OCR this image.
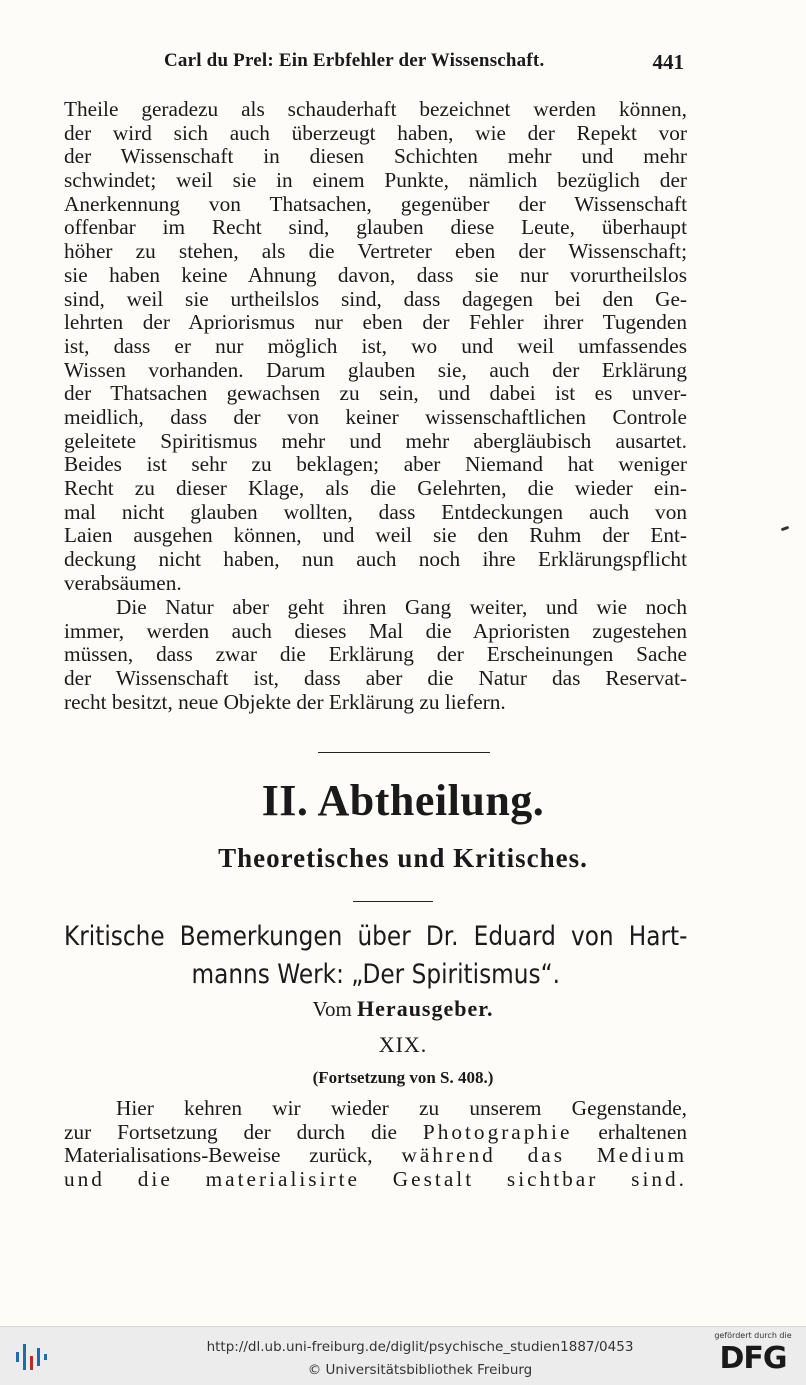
Carl du Prel: Ein Erbfehler der Wissenschaft.	441
Theile geradezu als schauderhaft bezeichnet werden können,
der wird sich auch überzeugt haben, wie der Repekt vor
der Wissenschaft in diesen Schichten mehr und mehr
schwindet; weil sie in einem Punkte, nämlich bezüglich der
Anerkennung von Thatsachen, gegenüber der Wissenschaft
offenbar im Recht sind, glauben diese Leute, überhaupt
höher zu stehen, als die Vertreter eben der Wissenschaft;
sie haben keine Ahnung davon, dass sie nur vorurtheilslos
sind, weil sie urtheilslos sind, dass dagegen bei den Ge-
lehrten der Apriorismus nur eben der Fehler ihrer Tugenden
ist, dass er nur möglich ist, wo und weil umfassendes
Wissen vorhanden. Darum glauben sie, auch der Erklärung
der Thatsachen gewachsen zu sein, und dabei ist es unver-
meidlich, dass der von keiner wissenschaftlichen Controle
geleitete Spiritismus mehr und mehr abergläubisch ausartet.
Beides ist sehr zu beklagen; aber Niemand hat weniger
Recht zu dieser Klage, als die Gelehrten, die wieder ein-
mal nicht glauben wollten, dass Entdeckungen auch von
Laien ausgehen können, und weil sie den Ruhm der Ent-
deckung nicht haben, nun auch noch ihre Erklärungspflicht
verabsäumen.
Die Natur aber geht ihren Gang weiter, und wie noch
immer, werden auch dieses Mal die Aprioristen zugestehen
müssen, dass zwar die Erklärung der Erscheinungen Sache
der Wissenschaft ist, dass aber die Natur das Reservat-
recht besitzt, neue Objekte der Erklärung zu liefern.
II. Abtheilung.
Theoretisches und Kritisches.
Kritische Bemerkungen über Dr. Eduard von Hart-
manns Werk: „Der Spiritismus“.
Vom Herausgeber.
XIX.
(Fortsetzung von S. 408.)
Hier kehren wir wieder zu unserem Gegenstande,
zur Fortsetzung der durch die Photographie erhaltenen
Materialisations-Beweise zurück, während das Medium
und die materialisirte Gestalt sichtbar sind.
http://dl.ub.uni-freiburg.de/diglit/psychische_studien1887/0453
© Universitätsbibliothek Freiburg
gefördert durch die
DFG
